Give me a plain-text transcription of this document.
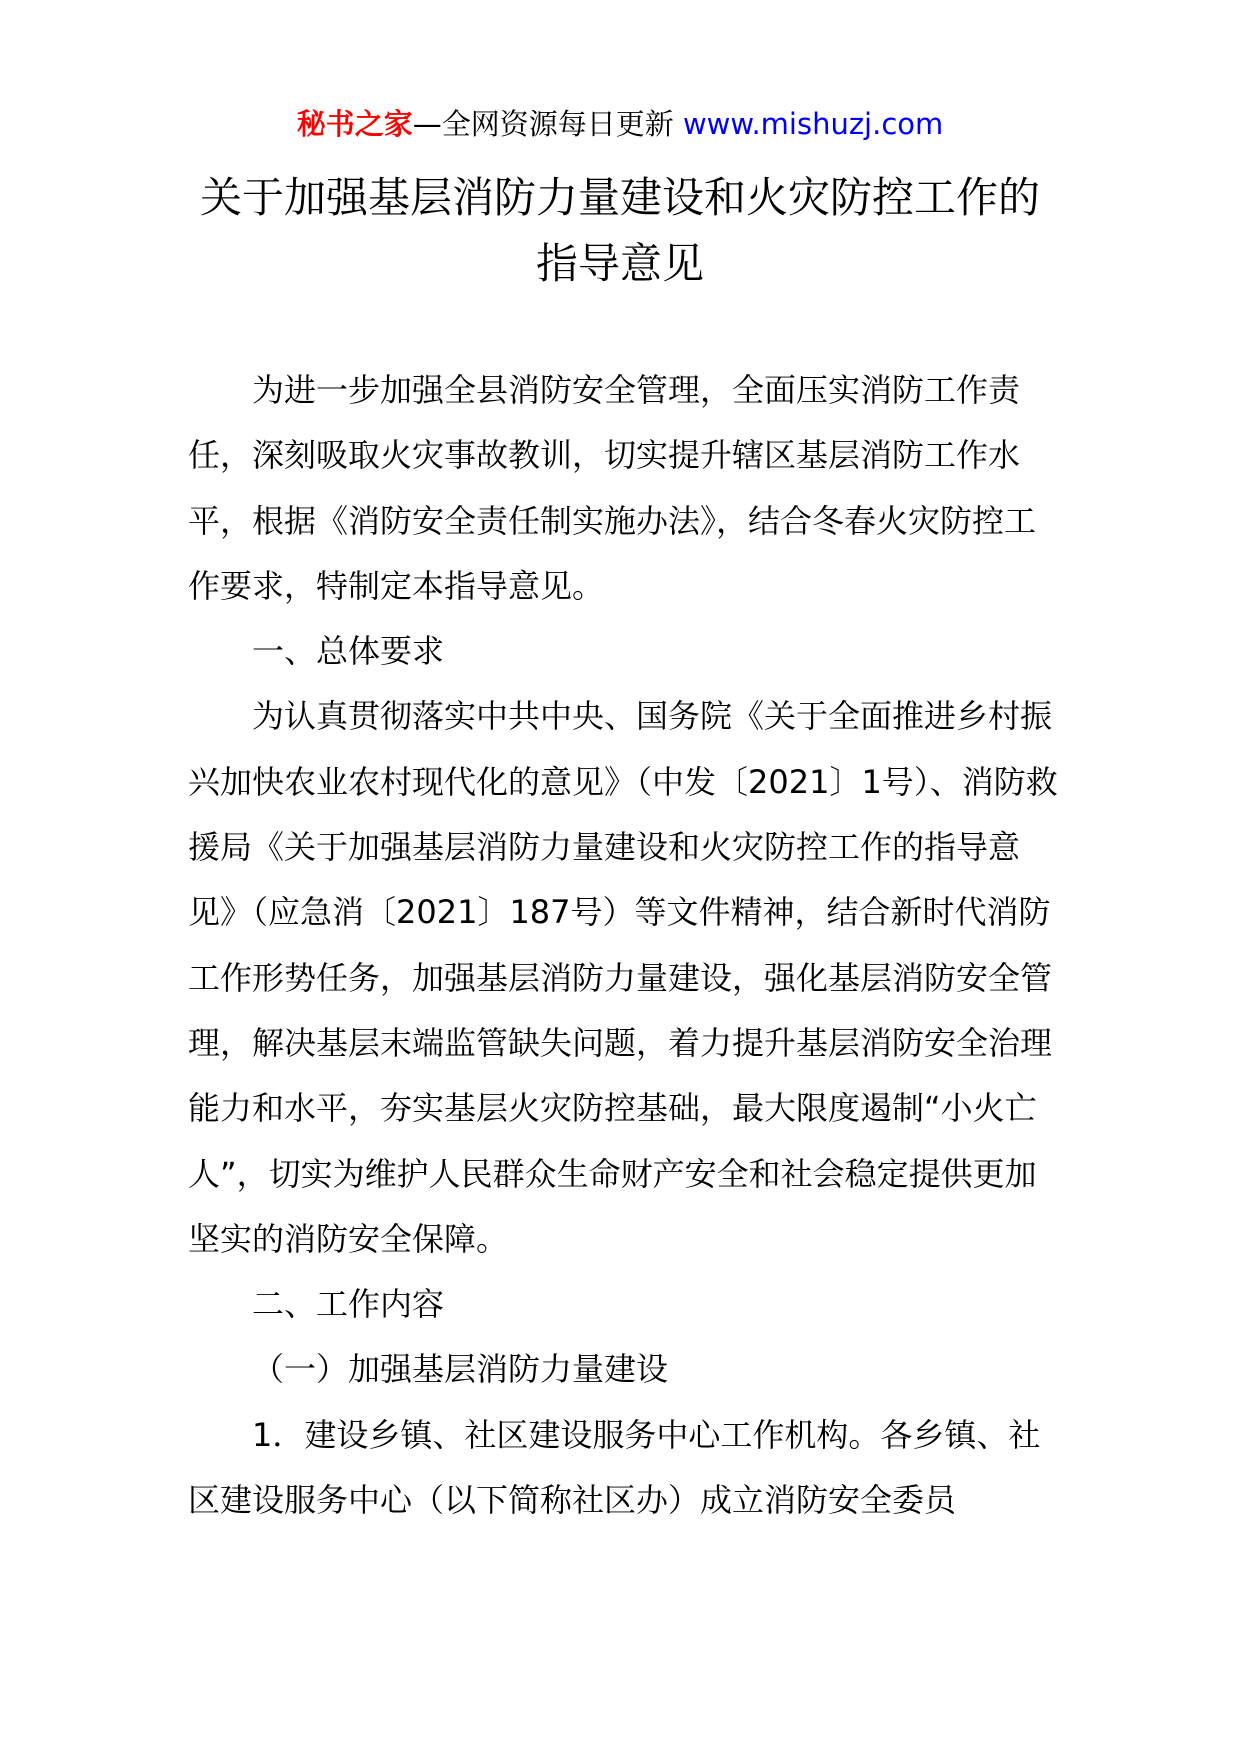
秘书之家—全网资源每日更新 www.mishuzj.com
关于加强基层消防力量建设和火灾防控工作的指导意见

为进一步加强全县消防安全管理，全面压实消防工作责任，深刻吸取火灾事故教训，切实提升辖区基层消防工作水平，根据《消防安全责任制实施办法》，结合冬春火灾防控工作要求，特制定本指导意见。

一、总体要求

为认真贯彻落实中共中央、国务院《关于全面推进乡村振兴加快农业农村现代化的意见》（中发〔2021〕1号）、消防救援局《关于加强基层消防力量建设和火灾防控工作的指导意见》（应急消〔2021〕187号）等文件精神，结合新时代消防工作形势任务，加强基层消防力量建设，强化基层消防安全管理，解决基层末端监管缺失问题，着力提升基层消防安全治理能力和水平，夯实基层火灾防控基础，最大限度遏制“小火亡人”，切实为维护人民群众生命财产安全和社会稳定提供更加坚实的消防安全保障。

二、工作内容

（一）加强基层消防力量建设

1．建设乡镇、社区建设服务中心工作机构。各乡镇、社区建设服务中心（以下简称社区办）成立消防安全委员
